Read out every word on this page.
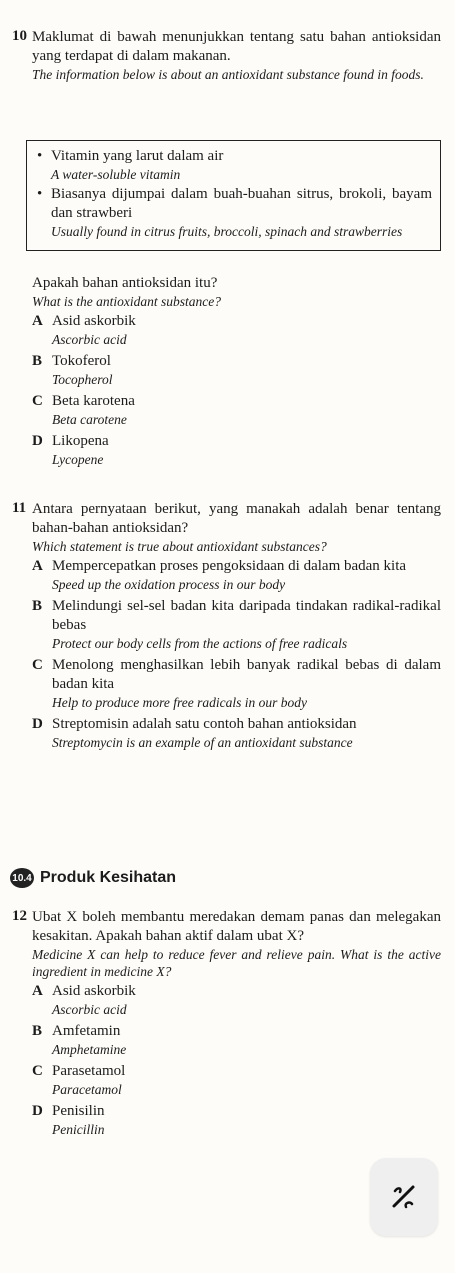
10 Maklumat di bawah menunjukkan tentang satu bahan antioksidan yang terdapat di dalam makanan.
The information below is about an antioxidant substance found in foods.
• Vitamin yang larut dalam air
A water-soluble vitamin
• Biasanya dijumpai dalam buah-buahan sitrus, brokoli, bayam dan strawberi
Usually found in citrus fruits, broccoli, spinach and strawberries
Apakah bahan antioksidan itu?
What is the antioxidant substance?
A Asid askorbik
Ascorbic acid
B Tokoferol
Tocopherol
C Beta karotena
Beta carotene
D Likopena
Lycopene
11 Antara pernyataan berikut, yang manakah adalah benar tentang bahan-bahan antioksidan?
Which statement is true about antioxidant substances?
A Mempercepatkan proses pengoksidaan di dalam badan kita
Speed up the oxidation process in our body
B Melindungi sel-sel badan kita daripada tindakan radikal-radikal bebas
Protect our body cells from the actions of free radicals
C Menolong menghasilkan lebih banyak radikal bebas di dalam badan kita
Help to produce more free radicals in our body
D Streptomisin adalah satu contoh bahan antioksidan
Streptomycin is an example of an antioxidant substance
10.4 Produk Kesihatan
12 Ubat X boleh membantu meredakan demam panas dan melegakan kesakitan. Apakah bahan aktif dalam ubat X?
Medicine X can help to reduce fever and relieve pain. What is the active ingredient in medicine X?
A Asid askorbik
Ascorbic acid
B Amfetamin
Amphetamine
C Parasetamol
Paracetamol
D Penisilin
Penicillin
